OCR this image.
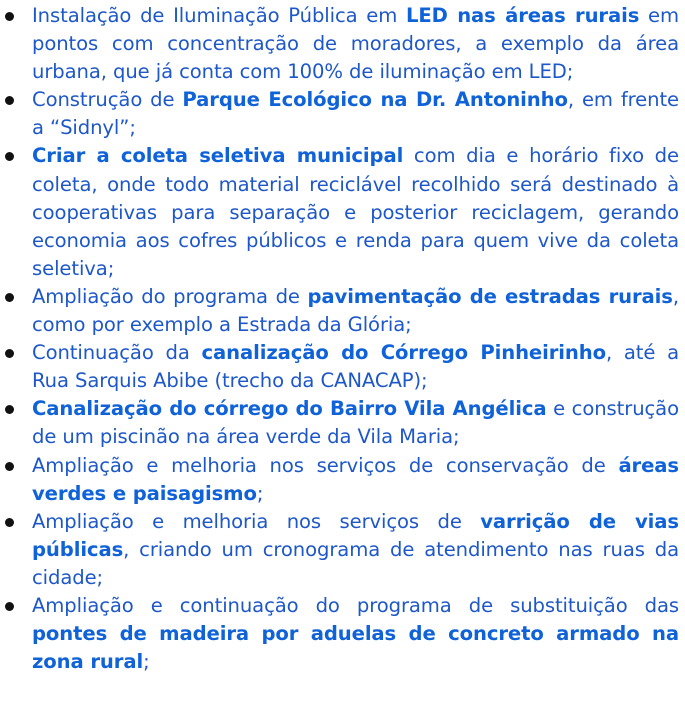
Instalação de Iluminação Pública em LED nas áreas rurais em pontos com concentração de moradores, a exemplo da área urbana, que já conta com 100% de iluminação em LED;
Construção de Parque Ecológico na Dr. Antoninho, em frente a “Sidnyl”;
Criar a coleta seletiva municipal com dia e horário fixo de coleta, onde todo material reciclável recolhido será destinado à cooperativas para separação e posterior reciclagem, gerando economia aos cofres públicos e renda para quem vive da coleta seletiva;
Ampliação do programa de pavimentação de estradas rurais, como por exemplo a Estrada da Glória;
Continuação da canalização do Córrego Pinheirinho, até a Rua Sarquis Abibe (trecho da CANACAP);
Canalização do córrego do Bairro Vila Angélica e construção de um piscinão na área verde da Vila Maria;
Ampliação e melhoria nos serviços de conservação de áreas verdes e paisagismo;
Ampliação e melhoria nos serviços de varrição de vias públicas, criando um cronograma de atendimento nas ruas da cidade;
Ampliação e continuação do programa de substituição das pontes de madeira por aduelas de concreto armado na zona rural;
